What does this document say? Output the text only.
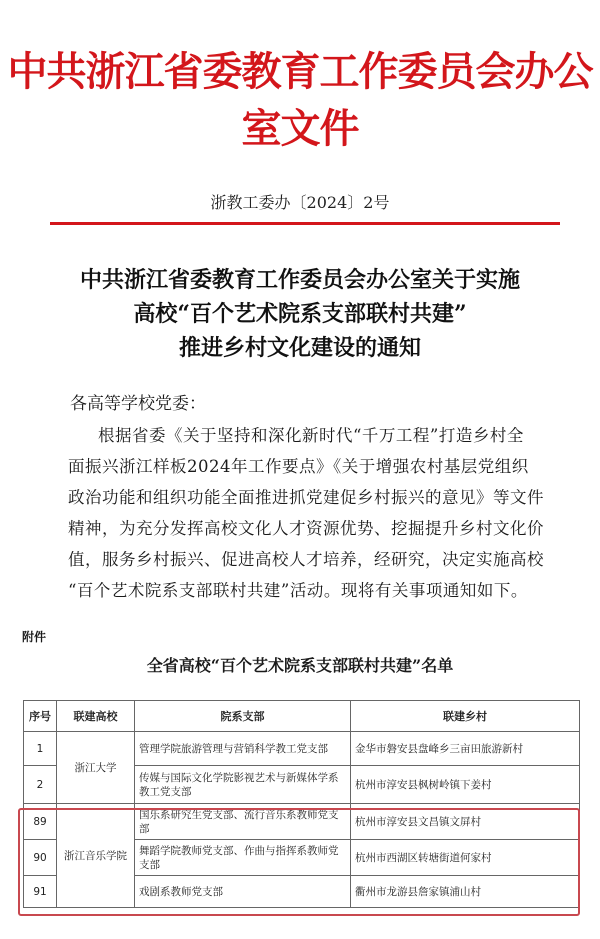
中共浙江省委教育工作委员会办公室文件
浙教工委办〔2024〕2号
中共浙江省委教育工作委员会办公室关于实施
高校“百个艺术院系支部联村共建”
推进乡村文化建设的通知
各高等学校党委：
根据省委《关于坚持和深化新时代“千万工程”打造乡村全
面振兴浙江样板2024年工作要点》《关于增强农村基层党组织
政治功能和组织功能全面推进抓党建促乡村振兴的意见》等文件
精神，为充分发挥高校文化人才资源优势、挖掘提升乡村文化价
值，服务乡村振兴、促进高校人才培养，经研究，决定实施高校
“百个艺术院系支部联村共建”活动。现将有关事项通知如下。
附件
全省高校“百个艺术院系支部联村共建”名单
序号	联建高校	院系支部	联建乡村
1	浙江大学	管理学院旅游管理与营销科学教工党支部	金华市磐安县盘峰乡三亩田旅游新村
2		传媒与国际文化学院影视艺术与新媒体学系教工党支部	杭州市淳安县枫树岭镇下姜村
89	浙江音乐学院	国乐系研究生党支部、流行音乐系教师党支部	杭州市淳安县文昌镇文屏村
90		舞蹈学院教师党支部、作曲与指挥系教师党支部	杭州市西湖区转塘街道何家村
91		戏剧系教师党支部	衢州市龙游县詹家镇浦山村
